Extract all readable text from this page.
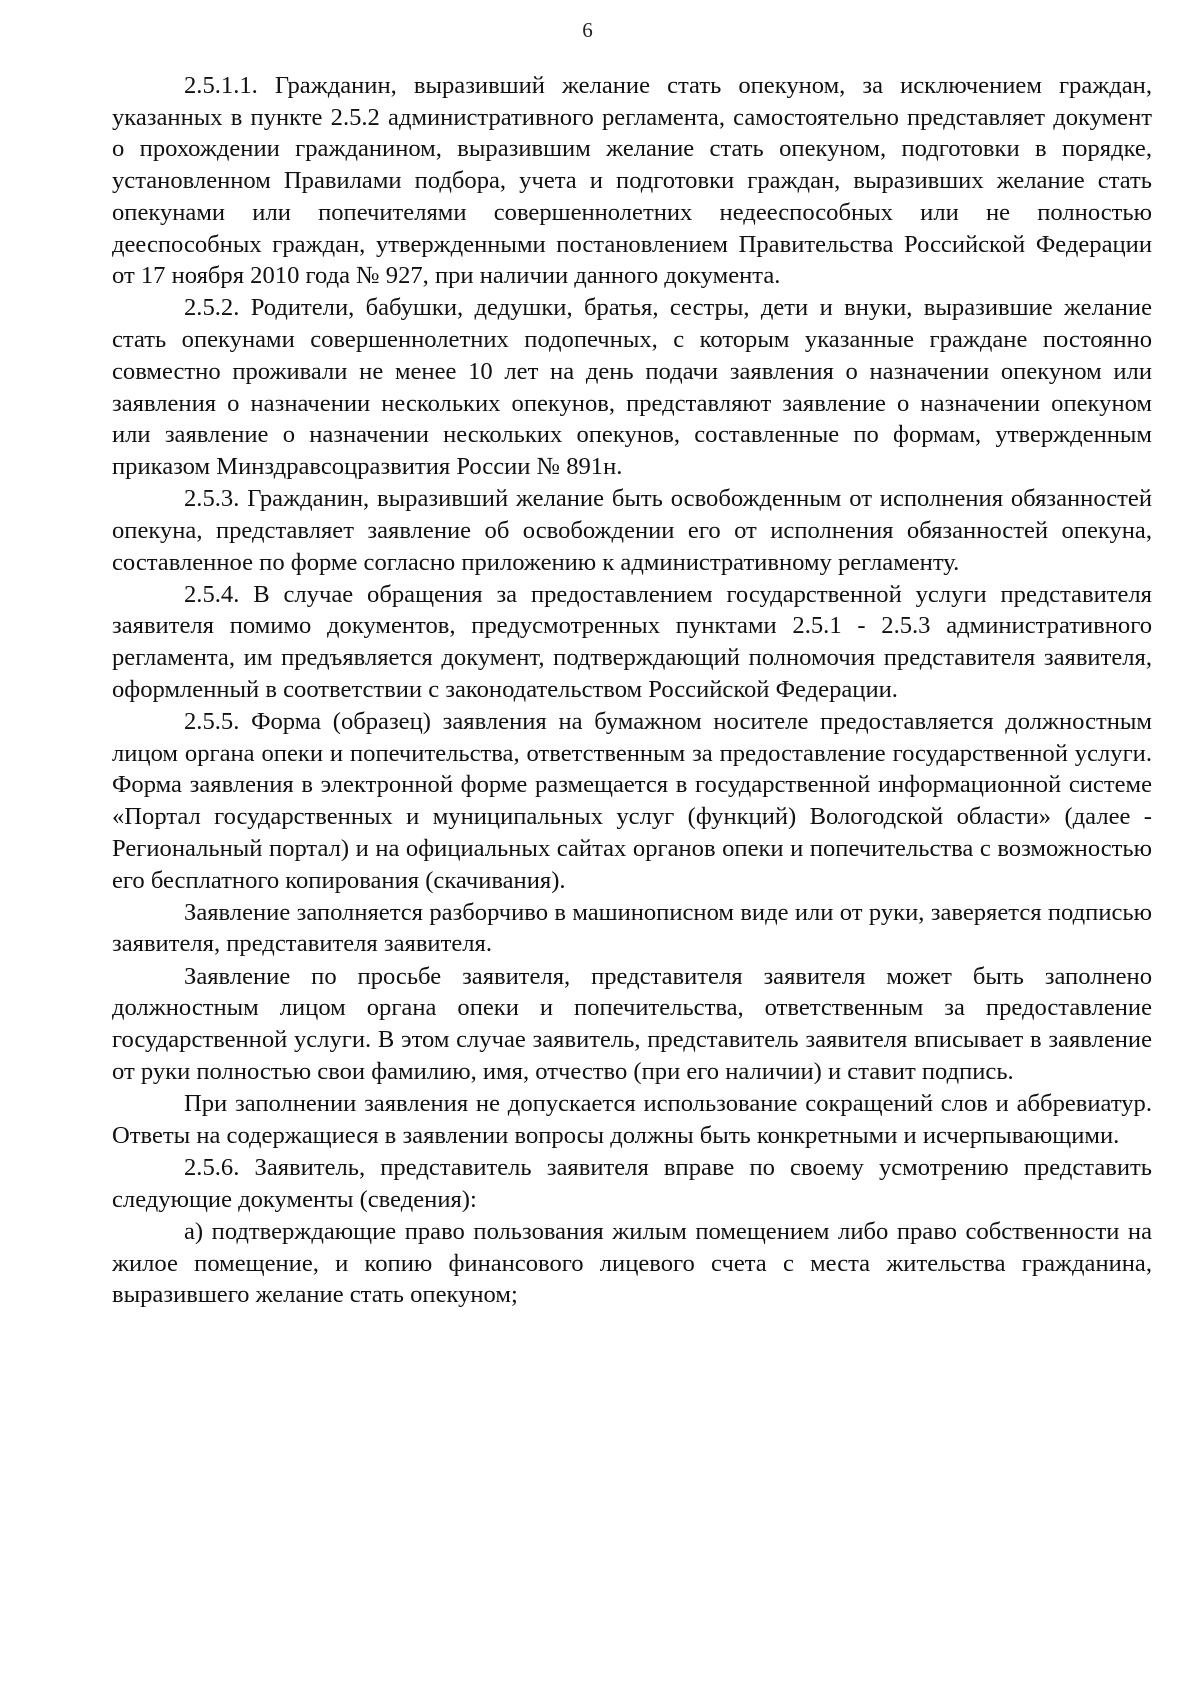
6

2.5.1.1. Гражданин, выразивший желание стать опекуном, за исключением граждан, указанных в пункте 2.5.2 административного регламента, самостоятельно представляет документ о прохождении гражданином, выразившим желание стать опекуном, подготовки в порядке, установленном Правилами подбора, учета и подготовки граждан, выразивших желание стать опекунами или попечителями совершеннолетних недееспособных или не полностью дееспособных граждан, утвержденными постановлением Правительства Российской Федерации от 17 ноября 2010 года № 927, при наличии данного документа.

2.5.2. Родители, бабушки, дедушки, братья, сестры, дети и внуки, выразившие желание стать опекунами совершеннолетних подопечных, с которым указанные граждане постоянно совместно проживали не менее 10 лет на день подачи заявления о назначении опекуном или заявления о назначении нескольких опекунов, представляют заявление о назначении опекуном или заявление о назначении нескольких опекунов, составленные по формам, утвержденным приказом Минздравсоцразвития России № 891н.

2.5.3. Гражданин, выразивший желание быть освобожденным от исполнения обязанностей опекуна, представляет заявление об освобождении его от исполнения обязанностей опекуна, составленное по форме согласно приложению к административному регламенту.

2.5.4. В случае обращения за предоставлением государственной услуги представителя заявителя помимо документов, предусмотренных пунктами 2.5.1 - 2.5.3 административного регламента, им предъявляется документ, подтверждающий полномочия представителя заявителя, оформленный в соответствии с законодательством Российской Федерации.

2.5.5. Форма (образец) заявления на бумажном носителе предоставляется должностным лицом органа опеки и попечительства, ответственным за предоставление государственной услуги. Форма заявления в электронной форме размещается в государственной информационной системе «Портал государственных и муниципальных услуг (функций) Вологодской области» (далее - Региональный портал) и на официальных сайтах органов опеки и попечительства с возможностью его бесплатного копирования (скачивания).

Заявление заполняется разборчиво в машинописном виде или от руки, заверяется подписью заявителя, представителя заявителя.

Заявление по просьбе заявителя, представителя заявителя может быть заполнено должностным лицом органа опеки и попечительства, ответственным за предоставление государственной услуги. В этом случае заявитель, представитель заявителя вписывает в заявление от руки полностью свои фамилию, имя, отчество (при его наличии) и ставит подпись.

При заполнении заявления не допускается использование сокращений слов и аббревиатур. Ответы на содержащиеся в заявлении вопросы должны быть конкретными и исчерпывающими.

2.5.6. Заявитель, представитель заявителя вправе по своему усмотрению представить следующие документы (сведения):

а) подтверждающие право пользования жилым помещением либо право собственности на жилое помещение, и копию финансового лицевого счета с места жительства гражданина, выразившего желание стать опекуном;
